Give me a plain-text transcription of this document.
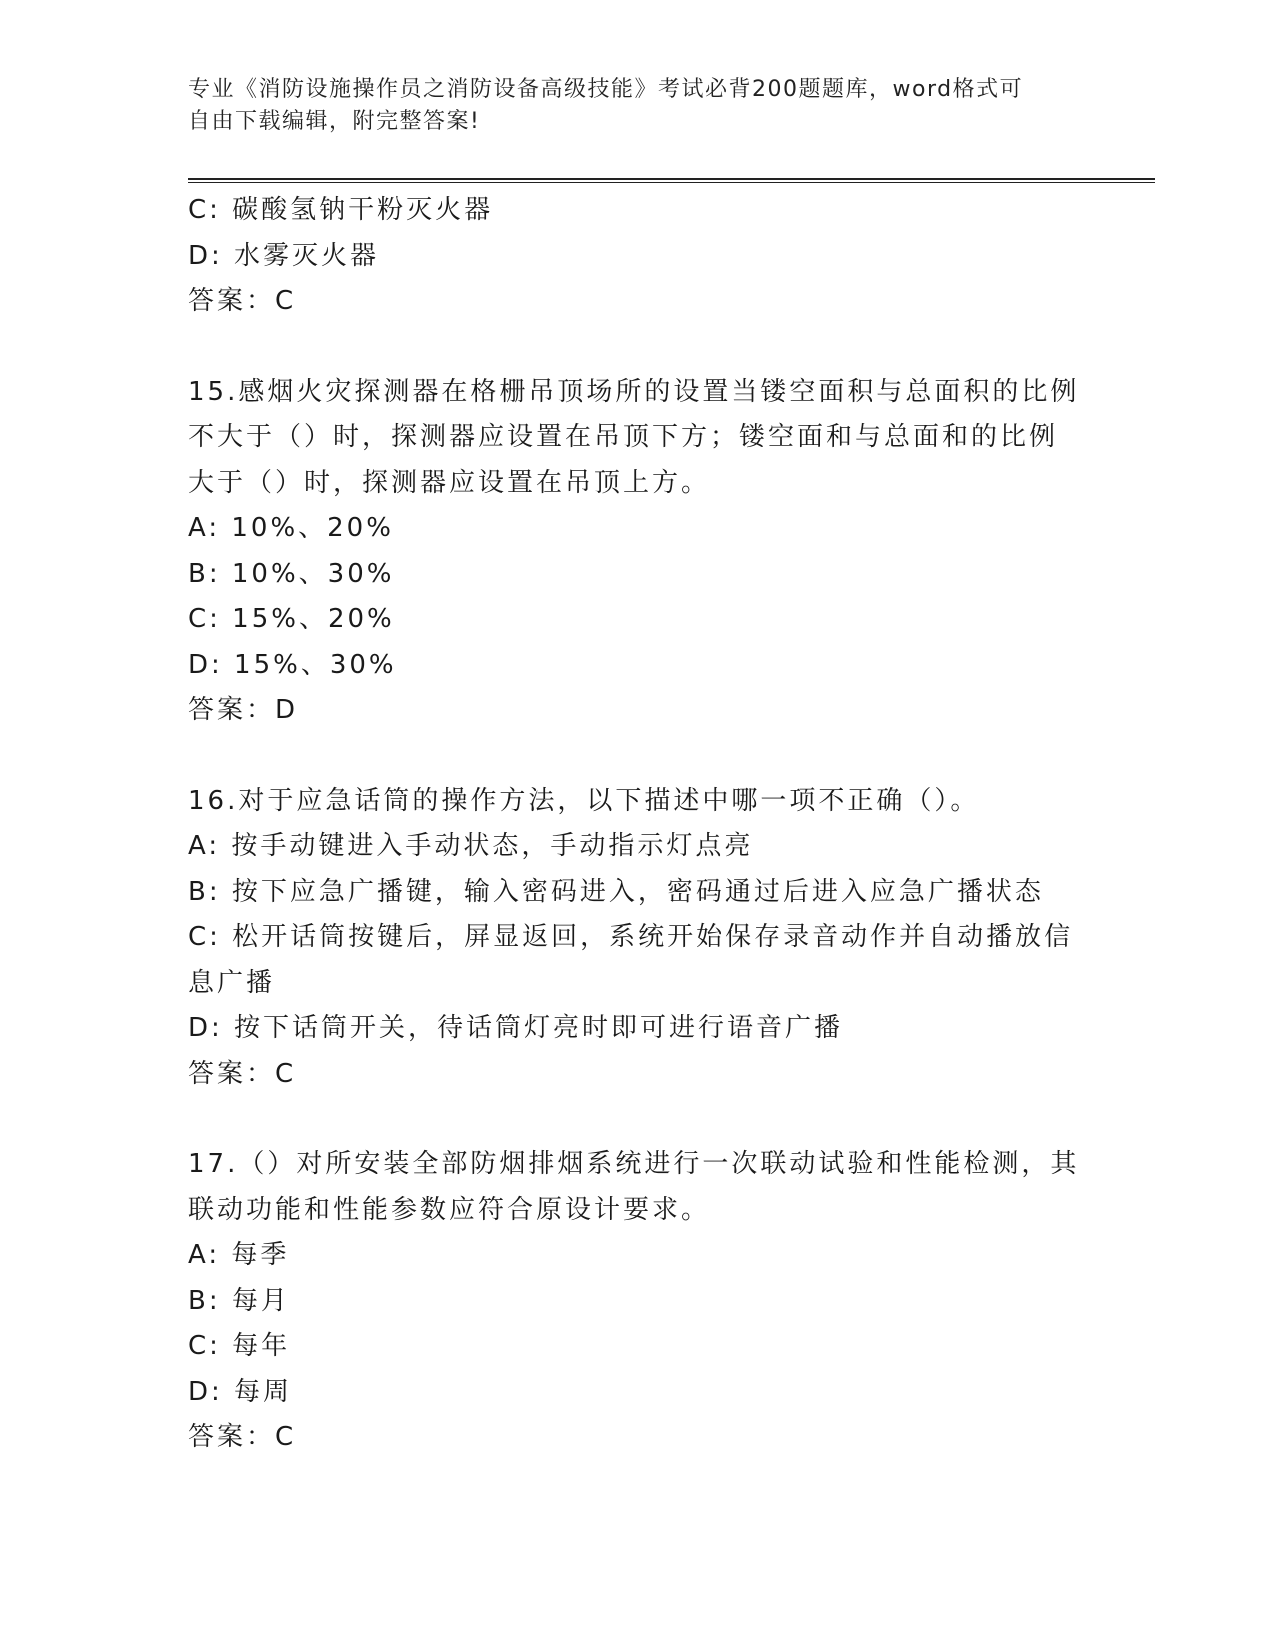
专业《消防设施操作员之消防设备高级技能》考试必背200题题库，word格式可
自由下载编辑，附完整答案!
C: 碳酸氢钠干粉灭火器
D: 水雾灭火器
答案：C
15.感烟火灾探测器在格栅吊顶场所的设置当镂空面积与总面积的比例
不大于（）时，探测器应设置在吊顶下方；镂空面和与总面和的比例
大于（）时，探测器应设置在吊顶上方。
A: 10%、20%
B: 10%、30%
C: 15%、20%
D: 15%、30%
答案：D
16.对于应急话筒的操作方法，以下描述中哪一项不正确（）。
A: 按手动键进入手动状态，手动指示灯点亮
B: 按下应急广播键，输入密码进入，密码通过后进入应急广播状态
C: 松开话筒按键后，屏显返回，系统开始保存录音动作并自动播放信
息广播
D: 按下话筒开关，待话筒灯亮时即可进行语音广播
答案：C
17.（）对所安装全部防烟排烟系统进行一次联动试验和性能检测，其
联动功能和性能参数应符合原设计要求。
A: 每季
B: 每月
C: 每年
D: 每周
答案：C
